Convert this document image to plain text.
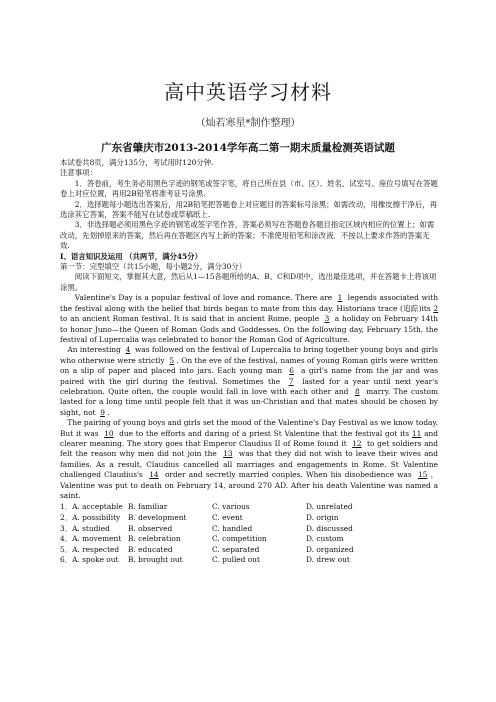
高中英语学习材料
（灿若寒星*制作整理）
广东省肇庆市2013-2014学年高二第一期末质量检测英语试题

本试卷共8页，满分135分，考试用时120分钟.

注意事项：

1．答卷前，考生务必用黑色字迹的钢笔或签字笔，将自己所在县（市、区）、姓名、试室号、座位号填写在答题卷上对应位置，再用2B铅笔将准考证号涂黑.

2．选择题每小题选出答案后，用2B铅笔把答题卷上对应题目的答案标号涂黑；如需改动，用橡皮擦干净后，再选涂其它答案，答案不能写在试卷或草稿纸上.

3．非选择题必须用黑色字迹的钢笔或签字笔作答，答案必须写在答题卷各题目指定区域内相应的位置上；如需改动，先划掉原来的答案，然后再在答题区内写上新的答案；不准使用铅笔和涂改液．不按以上要求作答的答案无效.

I、语言知识及运用 （共两节，满分45分）

第一节：完型填空（共15小题，每小题2分，满分30分）

阅读下面短文，掌握其大意，然后从1—15各题所给的A、B、C和D项中，选出最佳选项，并在答题卡上将该项涂黑。

Valentine's Day is a popular festival of love and romance. There are 1 legends associated with the festival along with the belief that birds began to mate from this day. Historians trace (追踪)its 2 to an ancient Roman festival. It is said that in ancient Rome, people 3 a holiday on February 14th to honor Juno—the Queen of Roman Gods and Goddesses. On the following day, February 15th, the festival of Lupercalia was celebrated to honor the Roman God of Agriculture.

An interesting 4 was followed on the festival of Lupercalia to bring together young boys and girls who otherwise were strictly 5 . On the eve of the festival, names of young Roman girls were written on a slip of paper and placed into jars. Each young man 6 a girl's name from the jar and was paired with the girl during the festival. Sometimes the 7 lasted for a year until next year's celebration. Quite often, the couple would fall in love with each other and 8 marry. The custom lasted for a long time until people felt that it was un-Christian and that mates should be chosen by sight, not 9 .

The pairing of young boys and girls set the mood of the Valentine's Day Festival as we know today. But it was 10 due to the efforts and daring of a priest St Valentine that the festival got its 11 and clearer meaning. The story goes that Emperor Claudius II of Rome found it 12 to get soldiers and felt the reason why men did not join the 13 was that they did not wish to leave their wives and families. As a result, Claudius cancelled all marriages and engagements in Rome. St Valentine challenged Claudius's 14 order and secretly married couples. When his disobedience was 15 ，Valentine was put to death on February 14, around 270 AD. After his death Valentine was named a saint.

1．A. acceptable B. familiar	C. various	D. unrelated
2．A. possibility	B. development	C. event	D. origin
3．A. studied	B. observed	C. handled	D. discussed
4．A. movement B. celebration	C. competition	D. custom
5．A. respected	B. educated	C. separated	D. organized
6．A. spoke out	B. brought out	C. pulled out	D. drew out
